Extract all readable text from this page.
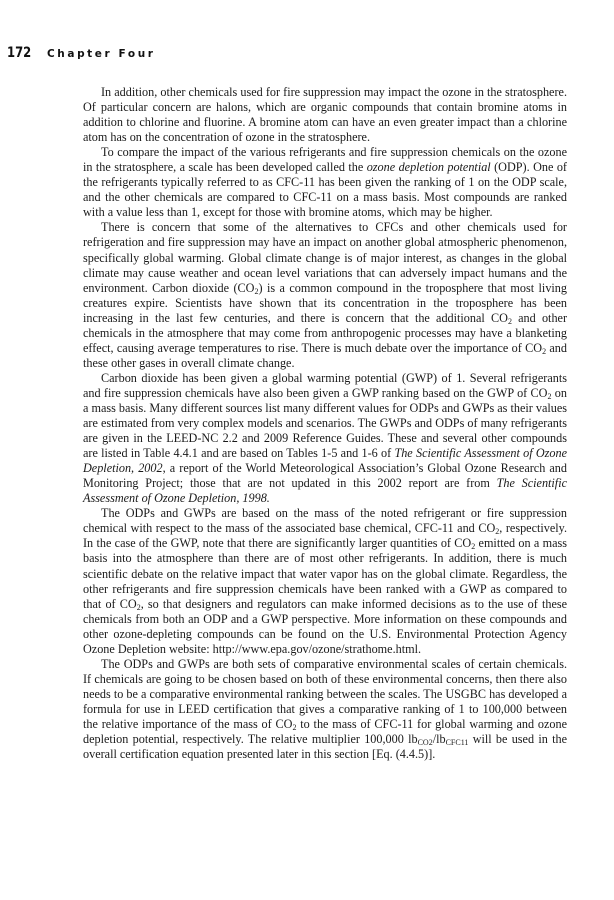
172	Chapter Four

In addition, other chemicals used for fire suppression may impact the ozone in the stratosphere. Of particular concern are halons, which are organic compounds that contain bromine atoms in addition to chlorine and fluorine. A bromine atom can have an even greater impact than a chlorine atom has on the concentration of ozone in the stratosphere.

To compare the impact of the various refrigerants and fire suppression chemicals on the ozone in the stratosphere, a scale has been developed called the ozone depletion potential (ODP). One of the refrigerants typically referred to as CFC-11 has been given the ranking of 1 on the ODP scale, and the other chemicals are compared to CFC-11 on a mass basis. Most compounds are ranked with a value less than 1, except for those with bromine atoms, which may be higher.

There is concern that some of the alternatives to CFCs and other chemicals used for refrigeration and fire suppression may have an impact on another global atmospheric phenomenon, specifically global warming. Global climate change is of major interest, as changes in the global climate may cause weather and ocean level variations that can adversely impact humans and the environment. Carbon dioxide $(CO_2)$ is a common compound in the troposphere that most living creatures expire. Scientists have shown that its concentration in the troposphere has been increasing in the last few centuries, and there is concern that the additional $CO_2$ and other chemicals in the atmosphere that may come from anthropogenic processes may have a blanketing effect, causing average temperatures to rise. There is much debate over the importance of $CO_2$ and these other gases in overall climate change.

Carbon dioxide has been given a global warming potential (GWP) of 1. Several refrigerants and fire suppression chemicals have also been given a GWP ranking based on the GWP of $CO_2$ on a mass basis. Many different sources list many different values for ODPs and GWPs as their values are estimated from very complex models and scenarios. The GWPs and ODPs of many refrigerants are given in the LEED-NC 2.2 and 2009 Reference Guides. These and several other compounds are listed in Table 4.4.1 and are based on Tables 1-5 and 1-6 of The Scientific Assessment of Ozone Depletion, 2002, a report of the World Meteorological Association’s Global Ozone Research and Monitoring Project; those that are not updated in this 2002 report are from The Scientific Assessment of Ozone Depletion, 1998.

The ODPs and GWPs are based on the mass of the noted refrigerant or fire suppression chemical with respect to the mass of the associated base chemical, CFC-11 and $CO_2$, respectively. In the case of the GWP, note that there are significantly larger quantities of $CO_2$ emitted on a mass basis into the atmosphere than there are of most other refrigerants. In addition, there is much scientific debate on the relative impact that water vapor has on the global climate. Regardless, the other refrigerants and fire suppression chemicals have been ranked with a GWP as compared to that of $CO_2$, so that designers and regulators can make informed decisions as to the use of these chemicals from both an ODP and a GWP perspective. More information on these compounds and other ozone-depleting compounds can be found on the U.S. Environmental Protection Agency Ozone Depletion website: http://www.epa.gov/ozone/strathome.html.

The ODPs and GWPs are both sets of comparative environmental scales of certain chemicals. If chemicals are going to be chosen based on both of these environmental concerns, then there also needs to be a comparative environmental ranking between the scales. The USGBC has developed a formula for use in LEED certification that gives a comparative ranking of 1 to 100,000 between the relative importance of the mass of $CO_2$ to the mass of CFC-11 for global warming and ozone depletion potential, respectively. The relative multiplier 100,000 $lb_{CO2}/lb_{CFC11}$ will be used in the overall certification equation presented later in this section [Eq. (4.4.5)].
